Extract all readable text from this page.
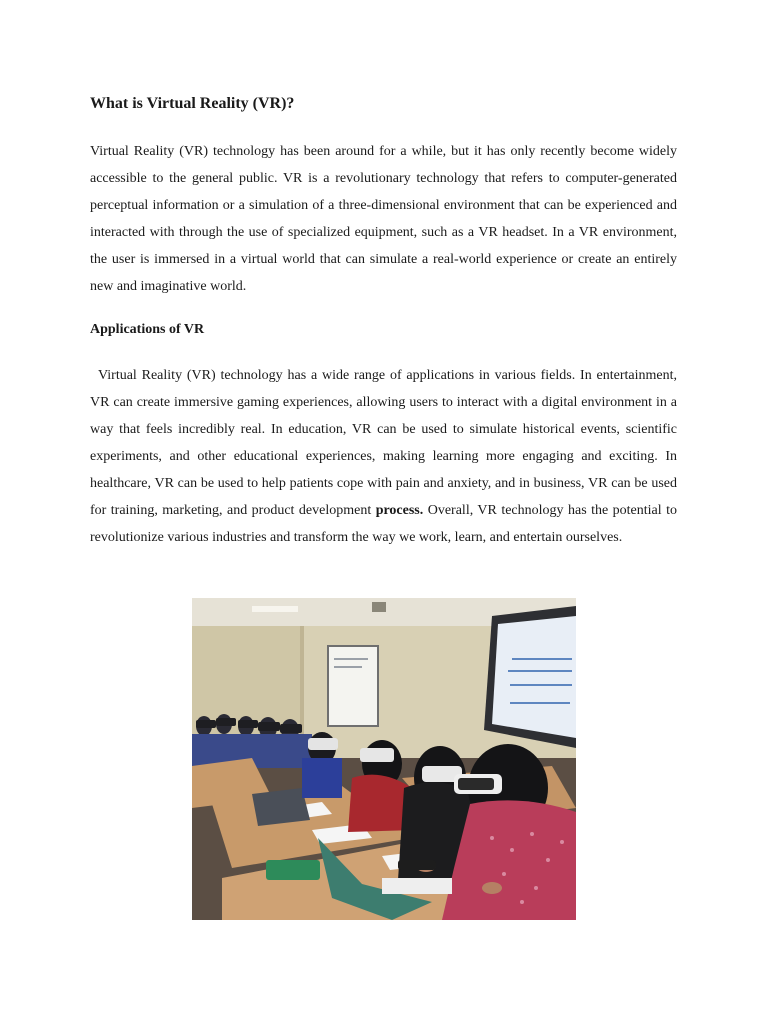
What is Virtual Reality (VR)?

Virtual Reality (VR) technology has been around for a while, but it has only recently become widely accessible to the general public. VR is a revolutionary technology that refers to computer-generated perceptual information or a simulation of a three-dimensional environment that can be experienced and interacted with through the use of specialized equipment, such as a VR headset. In a VR environment, the user is immersed in a virtual world that can simulate a real-world experience or create an entirely new and imaginative world.

Applications of VR

Virtual Reality (VR) technology has a wide range of applications in various fields. In entertainment, VR can create immersive gaming experiences, allowing users to interact with a digital environment in a way that feels incredibly real. In education, VR can be used to simulate historical events, scientific experiments, and other educational experiences, making learning more engaging and exciting. In healthcare, VR can be used to help patients cope with pain and anxiety, and in business, VR can be used for training, marketing, and product development process. Overall, VR technology has the potential to revolutionize various industries and transform the way we work, learn, and entertain ourselves.
